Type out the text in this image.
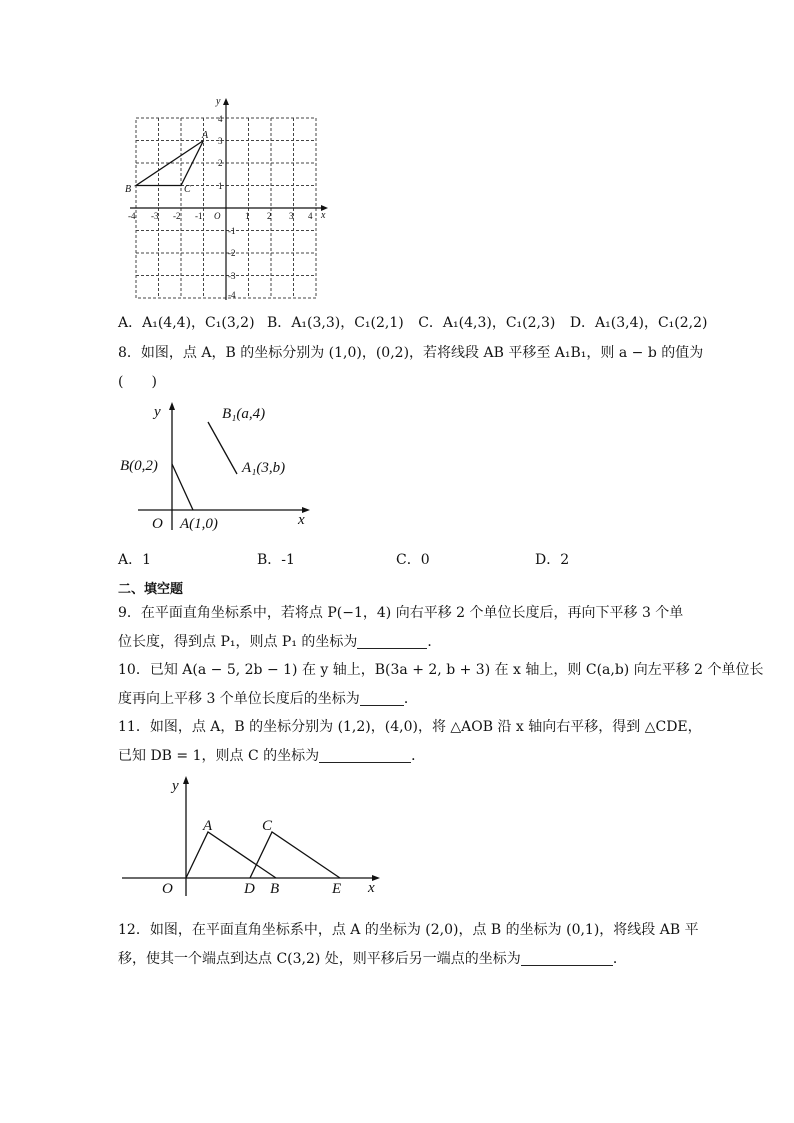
y
x
A
B	C
-4 -3 -2 -1 O	1 2 3 4
4
3
2
1
-1
-2
-3
-4
A．A₁(4,4)，C₁(3,2) B．A₁(3,3)，C₁(2,1) C．A₁(4,3)，C₁(2,3) D．A₁(3,4)，C₁(2,2)
8．如图，点 A，B 的坐标分别为 (1,0)，(0,2)，若将线段 AB 平移至 A₁B₁，则 a − b 的值为
(　　)
y
x
O
B(0,2)
A(1,0)
B₁(a,4)
A₁(3,b)
A．1	B．-1	C．0	D．2
二、填空题
9．在平面直角坐标系中，若将点 P(−1，4) 向右平移 2 个单位长度后，再向下平移 3 个单
位长度，得到点 P₁，则点 P₁ 的坐标为	．
10．已知 A(a − 5, 2b − 1) 在 y 轴上，B(3a + 2, b + 3) 在 x 轴上，则 C(a,b) 向左平移 2 个单位长
度再向上平移 3 个单位长度后的坐标为	．
11．如图，点 A，B 的坐标分别为 (1,2)，(4,0)，将 △AOB 沿 x 轴向右平移，得到 △CDE，
已知 DB = 1，则点 C 的坐标为	．
y
x
O
A	C
D B	E
12．如图，在平面直角坐标系中，点 A 的坐标为 (2,0)，点 B 的坐标为 (0,1)，将线段 AB 平
移，使其一个端点到达点 C(3,2) 处，则平移后另一端点的坐标为	．
